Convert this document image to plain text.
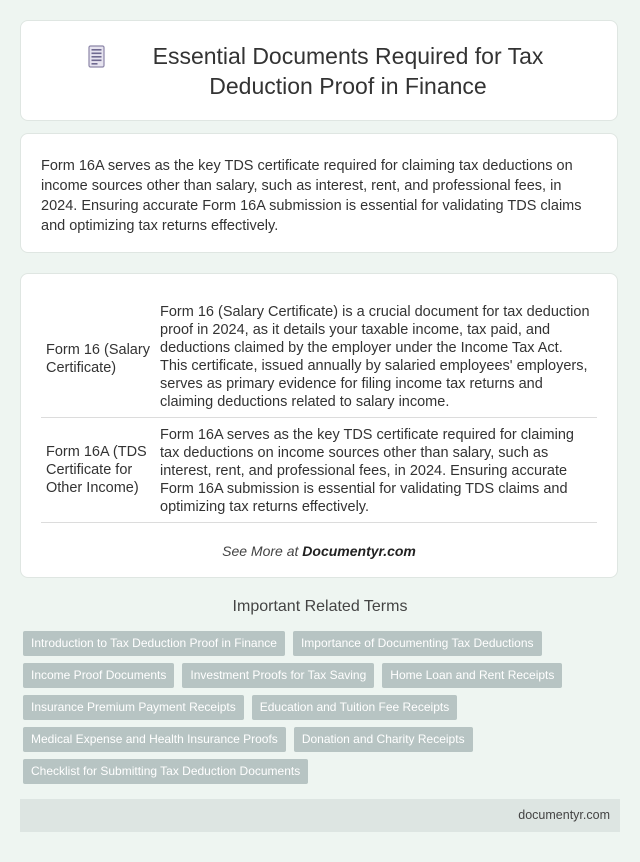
Essential Documents Required for Tax Deduction Proof in Finance

Form 16A serves as the key TDS certificate required for claiming tax deductions on income sources other than salary, such as interest, rent, and professional fees, in 2024. Ensuring accurate Form 16A submission is essential for validating TDS claims and optimizing tax returns effectively.

Form 16 (Salary Certificate)	Form 16 (Salary Certificate) is a crucial document for tax deduction proof in 2024, as it details your taxable income, tax paid, and deductions claimed by the employer under the Income Tax Act. This certificate, issued annually by salaried employees' employers, serves as primary evidence for filing income tax returns and claiming deductions related to salary income.
Form 16A (TDS Certificate for Other Income)	Form 16A serves as the key TDS certificate required for claiming tax deductions on income sources other than salary, such as interest, rent, and professional fees, in 2024. Ensuring accurate Form 16A submission is essential for validating TDS claims and optimizing tax returns effectively.
See More at Documentyr.com
Important Related Terms
Introduction to Tax Deduction Proof in Finance	Importance of Documenting Tax Deductions
Income Proof Documents	Investment Proofs for Tax Saving	Home Loan and Rent Receipts
Insurance Premium Payment Receipts	Education and Tuition Fee Receipts
Medical Expense and Health Insurance Proofs	Donation and Charity Receipts
Checklist for Submitting Tax Deduction Documents
documentyr.com
